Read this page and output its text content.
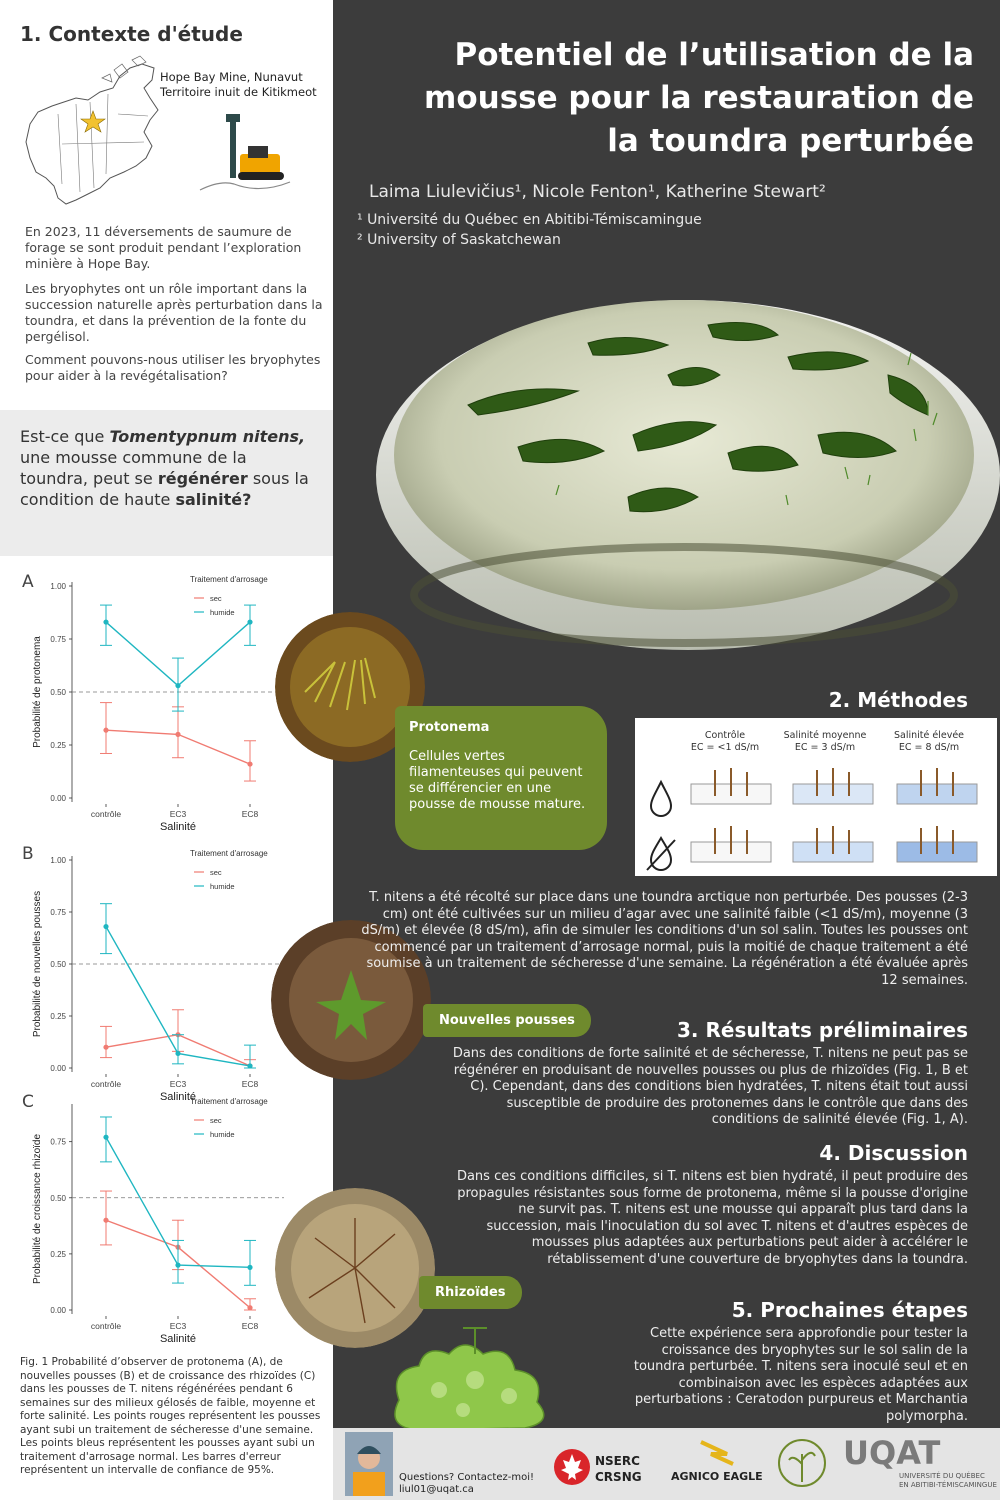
1. Contexte d'étude
Hope Bay Mine, Nunavut
Territoire inuit de Kitikmeot
En 2023, 11 déversements de saumure de forage se sont produit pendant l’exploration minière à Hope Bay.
Les bryophytes ont un rôle important dans la succession naturelle après perturbation dans la toundra, et dans la prévention de la fonte du pergélisol.
Comment pouvons-nous utiliser les bryophytes pour aider à la revégétalisation?
Est-ce que Tomentypnum nitens, une mousse commune de la toundra, peut se régénérer sous la condition de haute salinité?
A
0.00
0.25
0.50
0.75
1.00
contrôle	EC3	EC8
Salinité
Probabilité de protonema
Traitement d'arrosage
sec
humide
B
0.00
0.25
0.50
0.75
1.00
contrôle	EC3	EC8
Salinité
Probabilité de nouvelles pousses
Traitement d'arrosage
sec
humide
C
0.00
0.25
0.50
0.75
contrôle	EC3	EC8
Salinité
Probabilité de croissance rhizoïde
Traitement d'arrosage
sec
humide
Fig. 1 Probabilité d’observer de protonema (A), de nouvelles pousses (B) et de croissance des rhizoïdes (C) dans les pousses de T. nitens régénérées pendant 6 semaines sur des milieux gélosés de faible, moyenne et forte salinité. Les points rouges représentent les pousses ayant subi un traitement de sécheresse d'une semaine. Les points bleus représentent les pousses ayant subi un traitement d'arrosage normal. Les barres d'erreur représentent un intervalle de confiance de 95%.
Potentiel de l’utilisation de la mousse pour la restauration de la toundra perturbée
Laima Liulevičius¹, Nicole Fenton¹, Katherine Stewart²
¹ Université du Québec en Abitibi-Témiscamingue
² University of Saskatchewan
Protonema
Cellules vertes filamenteuses qui peuvent se différencier en une pousse de mousse mature.
Nouvelles pousses
Rhizoïdes
2. Méthodes
Contrôle
EC = <1 dS/m
Salinité moyenne
EC = 3 dS/m
Salinité élevée
EC = 8 dS/m
T. nitens a été récolté sur place dans une toundra arctique non perturbée. Des pousses (2-3 cm) ont été cultivées sur un milieu d’agar avec une salinité faible (<1 dS/m), moyenne (3 dS/m) et élevée (8 dS/m), afin de simuler les conditions d'un sol salin. Toutes les pousses ont commencé par un traitement d’arrosage normal, puis la moitié de chaque traitement a été soumise à un traitement de sécheresse d'une semaine. La régénération a été évaluée après 12 semaines.
3. Résultats préliminaires
Dans des conditions de forte salinité et de sécheresse, T. nitens ne peut pas se régénérer en produisant de nouvelles pousses ou plus de rhizoïdes (Fig. 1, B et C). Cependant, dans des conditions bien hydratées, T. nitens était tout aussi susceptible de produire des protonemes dans le contrôle que dans des conditions de salinité élevée (Fig. 1, A).
4. Discussion
Dans ces conditions difficiles, si T. nitens est bien hydraté, il peut produire des propagules résistantes sous forme de protonema, même si la pousse d'origine ne survit pas. T. nitens est une mousse qui apparaît plus tard dans la succession, mais l'inoculation du sol avec T. nitens et d'autres espèces de mousses plus adaptées aux perturbations peut aider à accélérer le rétablissement d'une couverture de bryophytes dans la toundra.
5. Prochaines étapes
Cette expérience sera approfondie pour tester la croissance des bryophytes sur le sol salin de la toundra perturbée. T. nitens sera inoculé seul et en combinaison avec les espèces adaptées aux perturbations : Ceratodon purpureus et Marchantia polymorpha.
Questions? Contactez-moi!
liul01@uqat.ca
NSERC
CRSNG	AGNICO EAGLE
UQAT
UNIVERSITÉ DU QUÉBEC
EN ABITIBI-TÉMISCAMINGUE
